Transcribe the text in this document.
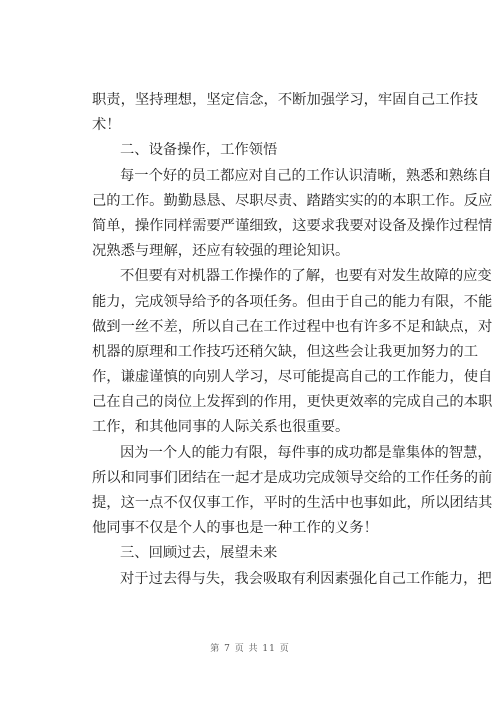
职责，坚持理想，坚定信念，不断加强学习，牢固自己工作技
术！
二、设备操作，工作领悟
每一个好的员工都应对自己的工作认识清晰，熟悉和熟练自
己的工作。勤勤恳恳、尽职尽责、踏踏实实的的本职工作。反应
简单，操作同样需要严谨细致，这要求我要对设备及操作过程情
况熟悉与理解，还应有较强的理论知识。
不但要有对机器工作操作的了解，也要有对发生故障的应变
能力，完成领导给予的各项任务。但由于自己的能力有限，不能
做到一丝不差，所以自己在工作过程中也有许多不足和缺点，对
机器的原理和工作技巧还稍欠缺，但这些会让我更加努力的工
作，谦虚谨慎的向别人学习，尽可能提高自己的工作能力，使自
己在自己的岗位上发挥到的作用，更快更效率的完成自己的本职
工作，和其他同事的人际关系也很重要。
因为一个人的能力有限，每件事的成功都是靠集体的智慧，
所以和同事们团结在一起才是成功完成领导交给的工作任务的前
提，这一点不仅仅事工作，平时的生活中也事如此，所以团结其
他同事不仅是个人的事也是一种工作的义务！
三、回顾过去，展望未来
对于过去得与失，我会吸取有利因素强化自己工作能力，把
第 7 页 共 11 页
